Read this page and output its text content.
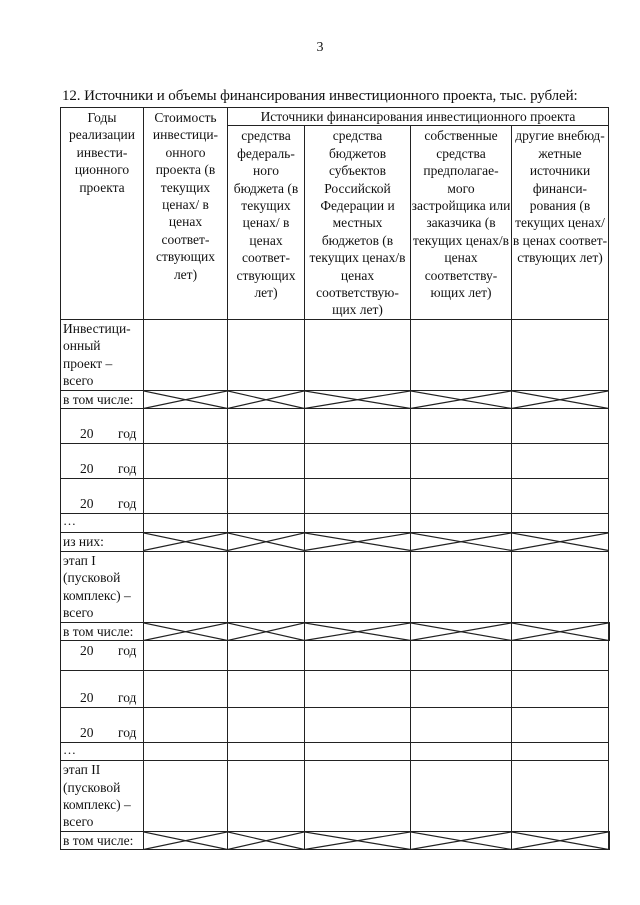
3
12. Источники и объемы финансирования инвестиционного проекта, тыс. рублей:
Годы реализации инвести-ционного проекта	Стоимость инвестици-онного проекта (в текущих ценах/ в ценах соответ-ствующих лет)	Источники финансирования инвестиционного проекта				
		средства федераль-ного бюджета (в текущих ценах/ в ценах соответ-ствующих лет)	средства бюджетов субъектов Российской Федерации и местных бюджетов (в текущих ценах/в ценах соответствую-щих лет)	собственные средства предполагае-мого застройщика или заказчика (в текущих ценах/в ценах соответству-ющих лет)	другие внебюд-жетные источники финанси-рования (в текущих ценах/в ценах соответ-ствующих лет)	
Инвестици-онный проект – всего						
в том числе:	

20 год						

20 год						

20 год						

…						
из них:	

этап I (пусковой комплекс) – всего						
в том числе:	

20 год						

20 год						

20 год						

…						
этап II (пусковой комплекс) – всего						
в том числе:	
